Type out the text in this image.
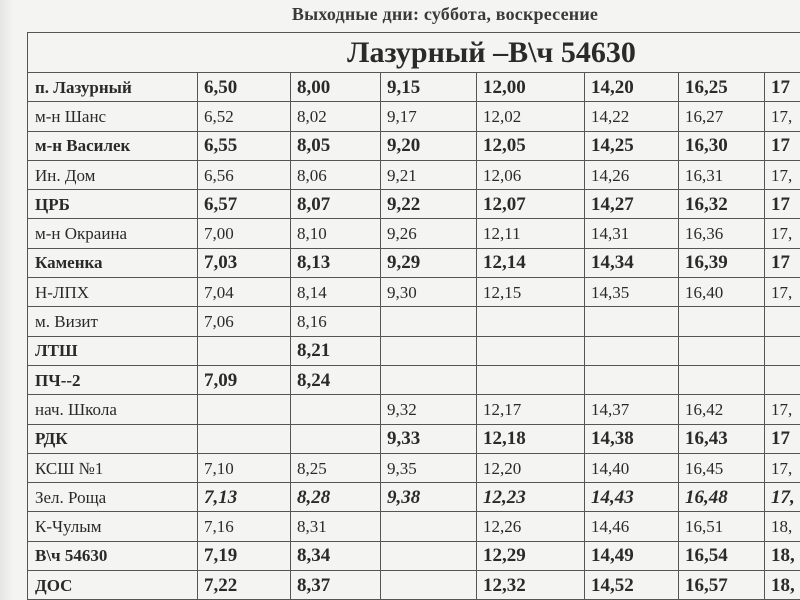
Выходные дни: суббота, воскресение
Лазурный –В\ч 54630
п. Лазурный	6,50	8,00	9,15	12,00	14,20	16,25	17
м-н Шанс	6,52	8,02	9,17	12,02	14,22	16,27	17,
м-н Василек	6,55	8,05	9,20	12,05	14,25	16,30	17
Ин. Дом	6,56	8,06	9,21	12,06	14,26	16,31	17,
ЦРБ	6,57	8,07	9,22	12,07	14,27	16,32	17
м-н Окраина	7,00	8,10	9,26	12,11	14,31	16,36	17,
Каменка	7,03	8,13	9,29	12,14	14,34	16,39	17
Н-ЛПХ	7,04	8,14	9,30	12,15	14,35	16,40	17,
м. Визит	7,06	8,16					
ЛТШ		8,21					
ПЧ--2	7,09	8,24					
нач. Школа			9,32	12,17	14,37	16,42	17,
РДК			9,33	12,18	14,38	16,43	17
КСШ №1	7,10	8,25	9,35	12,20	14,40	16,45	17,
Зел. Роща	7,13	8,28	9,38	12,23	14,43	16,48	17,
К-Чулым	7,16	8,31		12,26	14,46	16,51	18,
В\ч 54630	7,19	8,34		12,29	14,49	16,54	18,
ДОС	7,22	8,37		12,32	14,52	16,57	18,
